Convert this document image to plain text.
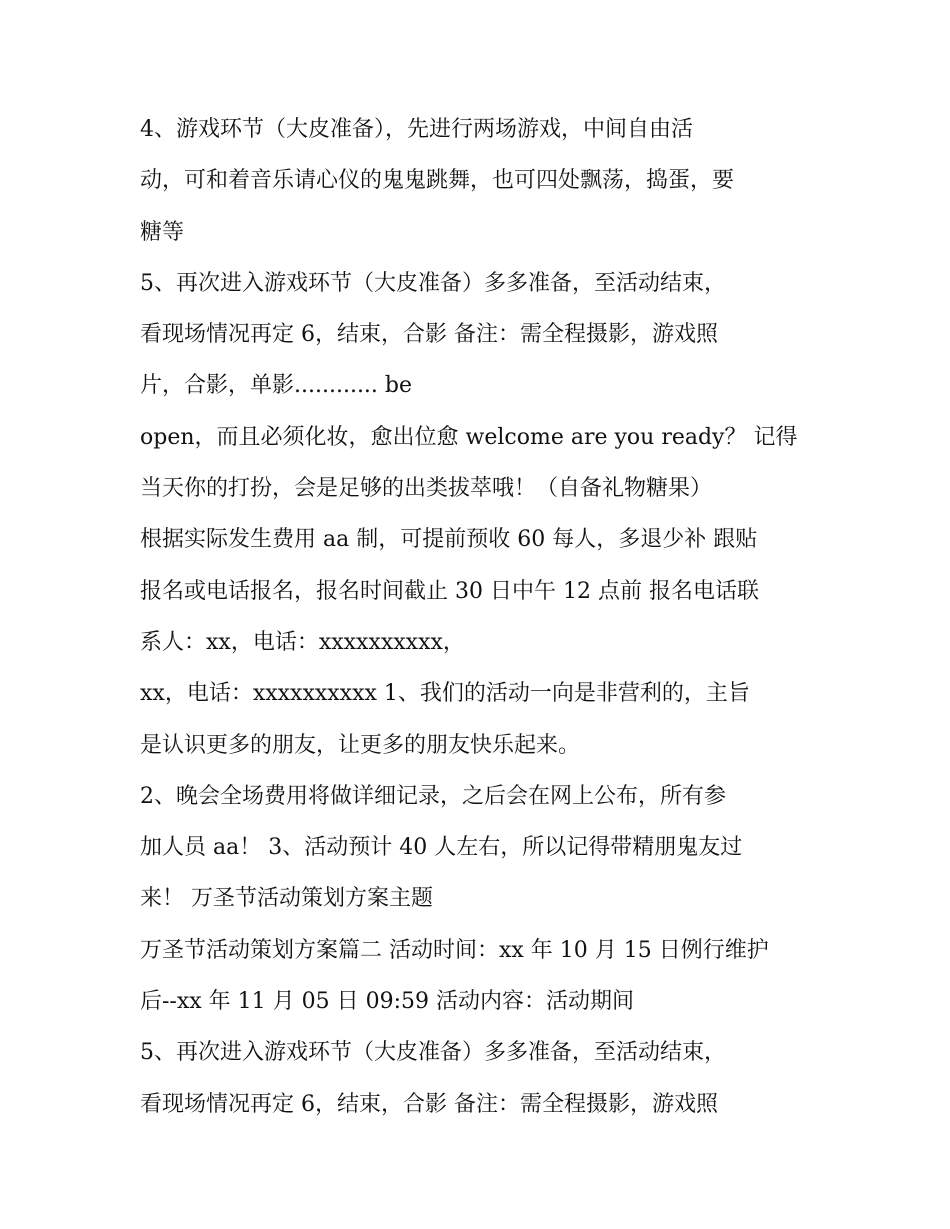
4、游戏环节（大皮准备），先进行两场游戏，中间自由活
动，可和着音乐请心仪的鬼鬼跳舞，也可四处飘荡，捣蛋，要
糖等
5、再次进入游戏环节（大皮准备）多多准备，至活动结束，
看现场情况再定 6，结束，合影 备注：需全程摄影，游戏照
片，合影，单影............ be
open，而且必须化妆，愈出位愈 welcome are you ready？ 记得
当天你的打扮，会是足够的出类拔萃哦！（自备礼物糖果）
根据实际发生费用 aa 制，可提前预收 60 每人，多退少补 跟贴
报名或电话报名，报名时间截止 30 日中午 12 点前 报名电话联
系人：xx，电话：xxxxxxxxxx，
xx，电话：xxxxxxxxxx 1、我们的活动一向是非营利的，主旨
是认识更多的朋友，让更多的朋友快乐起来。
2、晚会全场费用将做详细记录，之后会在网上公布，所有参
加人员 aa！ 3、活动预计 40 人左右，所以记得带精朋鬼友过
来！ 万圣节活动策划方案主题
万圣节活动策划方案篇二 活动时间：xx 年 10 月 15 日例行维护
后--xx 年 11 月 05 日 09:59 活动内容：活动期间
5、再次进入游戏环节（大皮准备）多多准备，至活动结束，
看现场情况再定 6，结束，合影 备注：需全程摄影，游戏照
